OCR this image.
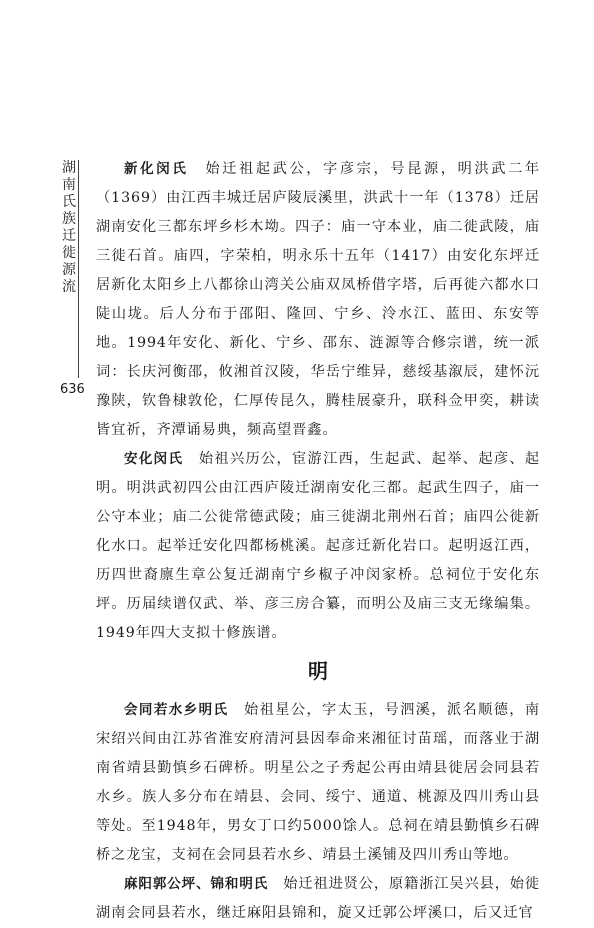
湖南氏族迁徙源流
636

新化闵氏　 始迁祖起武公，字彦宗，号昆源，明洪武二年（1369）由江西丰城迁居庐陵辰溪里，洪武十一年（1378）迁居湖南安化三都东坪乡杉木坳。四子：庙一守本业，庙二徙武陵，庙三徙石首。庙四，字荣柏，明永乐十五年（1417）由安化东坪迁居新化太阳乡上八都徐山湾关公庙双凤桥借字塔，后再徙六都水口陡山垅。后人分布于邵阳、隆回、宁乡、泠水江、蓝田、东安等地。1994年安化、新化、宁乡、邵东、涟源等合修宗谱，统一派词：长庆河衡邵，攸湘首汉陵，华岳宁维异，慈绥基溆辰，建怀沅豫陕，钦鲁棣敦伦，仁厚传昆久，腾桂展豪升，联科佥甲奕，耕读皆宜祈，齐潭诵易典，频高望晋鑫。

安化闵氏　 始祖兴历公，宦游江西，生起武、起举、起彦、起明。明洪武初四公由江西庐陵迁湖南安化三都。起武生四子，庙一公守本业；庙二公徙常德武陵；庙三徙湖北荆州石首；庙四公徙新化水口。起举迁安化四都杨桃溪。起彦迁新化岩口。起明返江西，历四世裔廪生章公复迁湖南宁乡椒子冲闵家桥。总祠位于安化东坪。历届续谱仅武、举、彦三房合纂，而明公及庙三支无缘编集。1949年四大支拟十修族谱。

明

会同若水乡明氏　 始祖星公，字太玉，号泗溪，派名顺德，南宋绍兴间由江苏省淮安府清河县因奉命来湘征讨苗瑶，而落业于湖南省靖县勤慎乡石碑桥。明星公之子秀起公再由靖县徙居会同县若水乡。族人多分布在靖县、会同、绥宁、通道、桃源及四川秀山县等处。至1948年，男女丁口约5000馀人。总祠在靖县勤慎乡石碑桥之龙宝，支祠在会同县若水乡、靖县土溪铺及四川秀山等地。

麻阳郭公坪、锦和明氏　 始迁祖进贤公，原籍浙江吴兴县，始徙湖南会同县若水，继迁麻阳县锦和，旋又迁郭公坪溪口，后又迁官
